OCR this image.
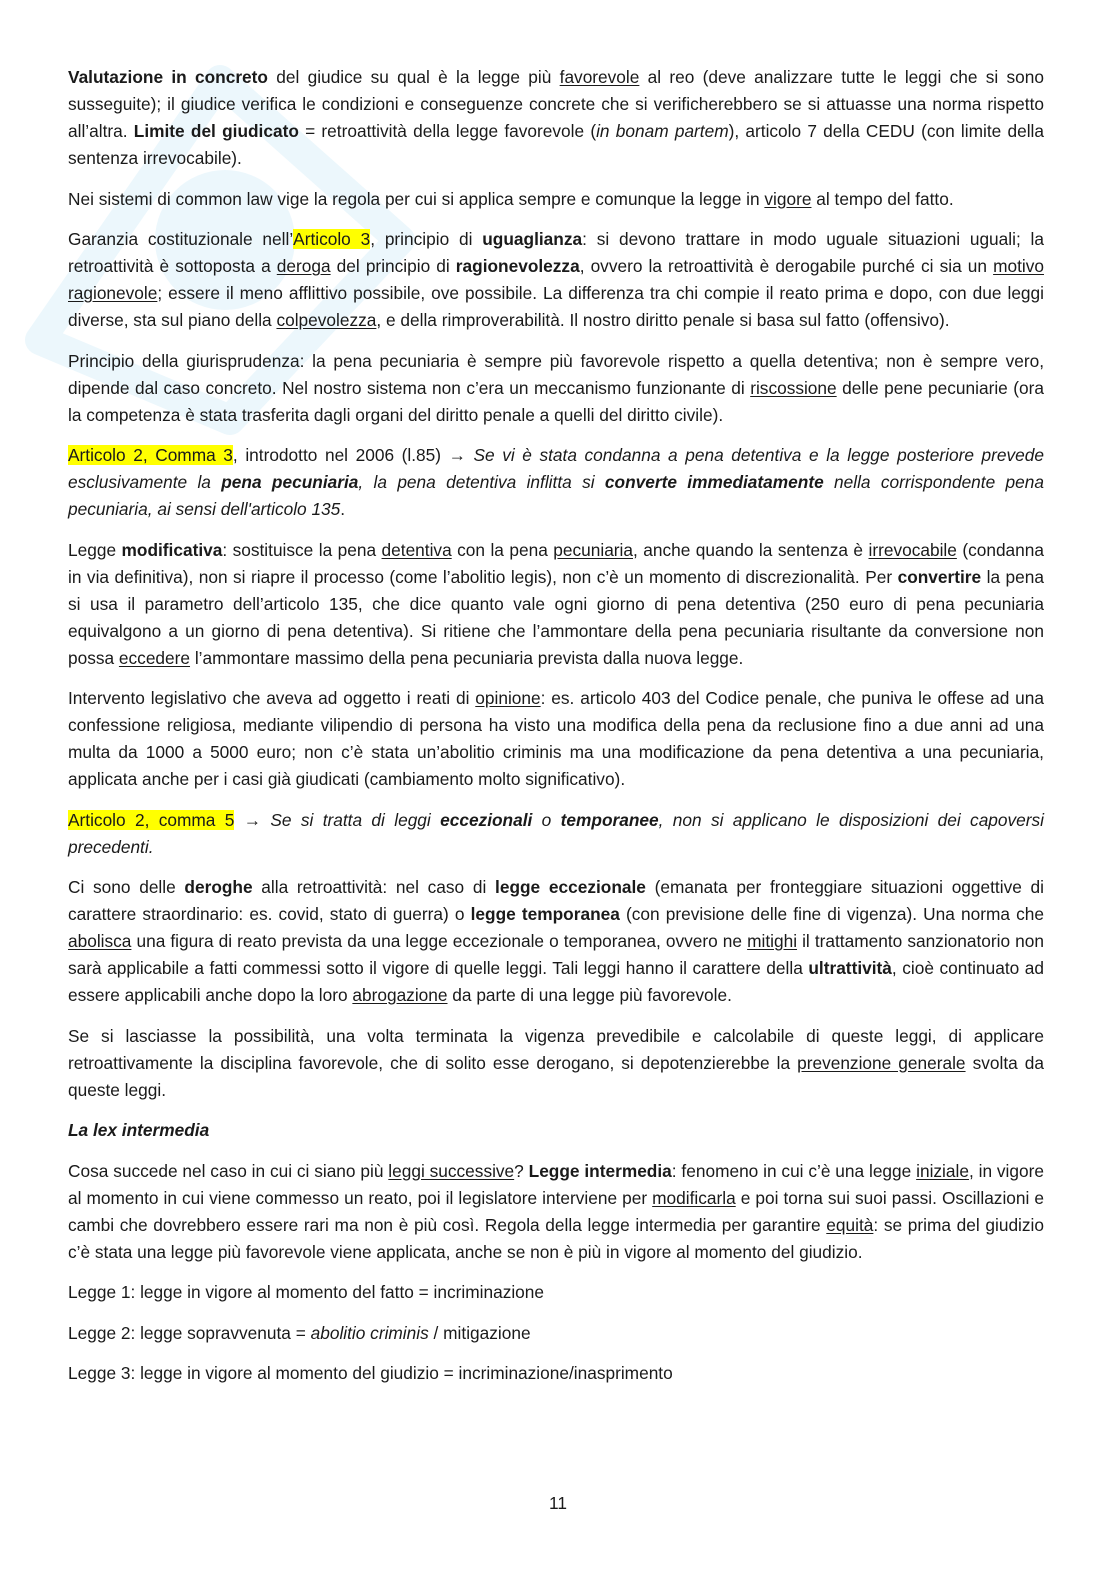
Valutazione in concreto del giudice su qual è la legge più favorevole al reo (deve analizzare tutte le leggi che si sono susseguite); il giudice verifica le condizioni e conseguenze concrete che si verificherebbero se si attuasse una norma rispetto all’altra. Limite del giudicato = retroattività della legge favorevole (in bonam partem), articolo 7 della CEDU (con limite della sentenza irrevocabile).

Nei sistemi di common law vige la regola per cui si applica sempre e comunque la legge in vigore al tempo del fatto.

Garanzia costituzionale nell’Articolo 3, principio di uguaglianza: si devono trattare in modo uguale situazioni uguali; la retroattività è sottoposta a deroga del principio di ragionevolezza, ovvero la retroattività è derogabile purché ci sia un motivo ragionevole; essere il meno afflittivo possibile, ove possibile. La differenza tra chi compie il reato prima e dopo, con due leggi diverse, sta sul piano della colpevolezza, e della rimproverabilità. Il nostro diritto penale si basa sul fatto (offensivo).

Principio della giurisprudenza: la pena pecuniaria è sempre più favorevole rispetto a quella detentiva; non è sempre vero, dipende dal caso concreto. Nel nostro sistema non c’era un meccanismo funzionante di riscossione delle pene pecuniarie (ora la competenza è stata trasferita dagli organi del diritto penale a quelli del diritto civile).

Articolo 2, Comma 3, introdotto nel 2006 (l.85) → Se vi è stata condanna a pena detentiva e la legge posteriore prevede esclusivamente la pena pecuniaria, la pena detentiva inflitta si converte immediatamente nella corrispondente pena pecuniaria, ai sensi dell'articolo 135.

Legge modificativa: sostituisce la pena detentiva con la pena pecuniaria, anche quando la sentenza è irrevocabile (condanna in via definitiva), non si riapre il processo (come l’abolitio legis), non c’è un momento di discrezionalità. Per convertire la pena si usa il parametro dell’articolo 135, che dice quanto vale ogni giorno di pena detentiva (250 euro di pena pecuniaria equivalgono a un giorno di pena detentiva). Si ritiene che l’ammontare della pena pecuniaria risultante da conversione non possa eccedere l’ammontare massimo della pena pecuniaria prevista dalla nuova legge.

Intervento legislativo che aveva ad oggetto i reati di opinione: es. articolo 403 del Codice penale, che puniva le offese ad una confessione religiosa, mediante vilipendio di persona ha visto una modifica della pena da reclusione fino a due anni ad una multa da 1000 a 5000 euro; non c’è stata un’abolitio criminis ma una modificazione da pena detentiva a una pecuniaria, applicata anche per i casi già giudicati (cambiamento molto significativo).

Articolo 2, comma 5 → Se si tratta di leggi eccezionali o temporanee, non si applicano le disposizioni dei capoversi precedenti.

Ci sono delle deroghe alla retroattività: nel caso di legge eccezionale (emanata per fronteggiare situazioni oggettive di carattere straordinario: es. covid, stato di guerra) o legge temporanea (con previsione delle fine di vigenza). Una norma che abolisca una figura di reato prevista da una legge eccezionale o temporanea, ovvero ne mitighi il trattamento sanzionatorio non sarà applicabile a fatti commessi sotto il vigore di quelle leggi. Tali leggi hanno il carattere della ultrattività, cioè continuato ad essere applicabili anche dopo la loro abrogazione da parte di una legge più favorevole.

Se si lasciasse la possibilità, una volta terminata la vigenza prevedibile e calcolabile di queste leggi, di applicare retroattivamente la disciplina favorevole, che di solito esse derogano, si depotenzierebbe la prevenzione generale svolta da queste leggi.

La lex intermedia

Cosa succede nel caso in cui ci siano più leggi successive? Legge intermedia: fenomeno in cui c’è una legge iniziale, in vigore al momento in cui viene commesso un reato, poi il legislatore interviene per modificarla e poi torna sui suoi passi. Oscillazioni e cambi che dovrebbero essere rari ma non è più così. Regola della legge intermedia per garantire equità: se prima del giudizio c’è stata una legge più favorevole viene applicata, anche se non è più in vigore al momento del giudizio.

Legge 1: legge in vigore al momento del fatto = incriminazione

Legge 2: legge sopravvenuta = abolitio criminis / mitigazione

Legge 3: legge in vigore al momento del giudizio = incriminazione/inasprimento

11
